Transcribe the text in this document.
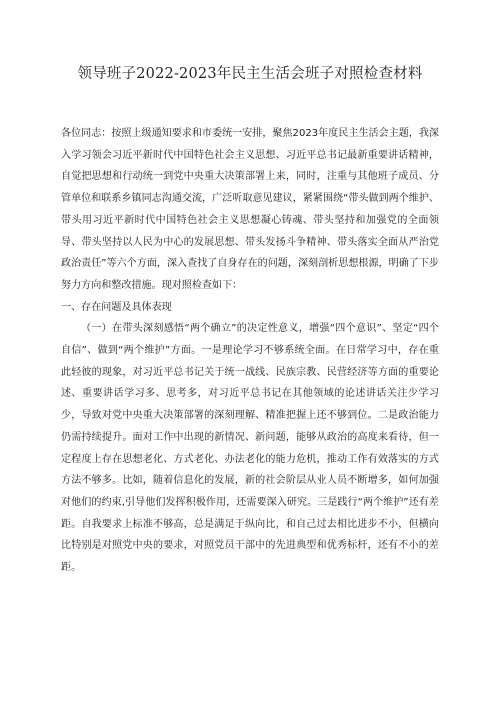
领导班子2022-2023年民主生活会班子对照检查材料

各位同志：按照上级通知要求和市委统一安排，聚焦2023年度民主生活会主题，我深入学习领会习近平新时代中国特色社会主义思想、习近平总书记最新重要讲话精神，自觉把思想和行动统一到党中央重大决策部署上来，同时，注重与其他班子成员、分管单位和联系乡镇同志沟通交流，广泛听取意见建议，紧紧围绕“带头做到两个维护、带头用习近平新时代中国特色社会主义思想凝心铸魂、带头坚持和加强党的全面领导、带头坚持以人民为中心的发展思想、带头发扬斗争精神、带头落实全面从严治党政治责任”等六个方面，深入查找了自身存在的问题，深刻剖析思想根源，明确了下步努力方向和整改措施。现对照检查如下：

一、存在问题及具体表现

（一）在带头深刻感悟“两个确立”的决定性意义，增强“四个意识”、坚定“四个自信”、做到“两个维护”方面。一是理论学习不够系统全面。在日常学习中，存在重此轻彼的现象，对习近平总书记关于统一战线、民族宗教、民营经济等方面的重要论述、重要讲话学习多、思考多，对习近平总书记在其他领域的论述讲话关注少学习少，导致对党中央重大决策部署的深刻理解、精准把握上还不够到位。二是政治能力仍需持续提升。面对工作中出现的新情况、新问题，能够从政治的高度来看待，但一定程度上存在思想老化、方式老化、办法老化的能力危机，推动工作有效落实的方式方法不够多。比如，随着信息化的发展，新的社会阶层从业人员不断增多，如何加强对他们的约束,引导他们发挥积极作用，还需要深入研究。三是践行“两个维护”还有差距。自我要求上标准不够高，总是满足于纵向比，和自己过去相比进步不小，但横向比特别是对照党中央的要求，对照党员干部中的先进典型和优秀标杆，还有不小的差距。
